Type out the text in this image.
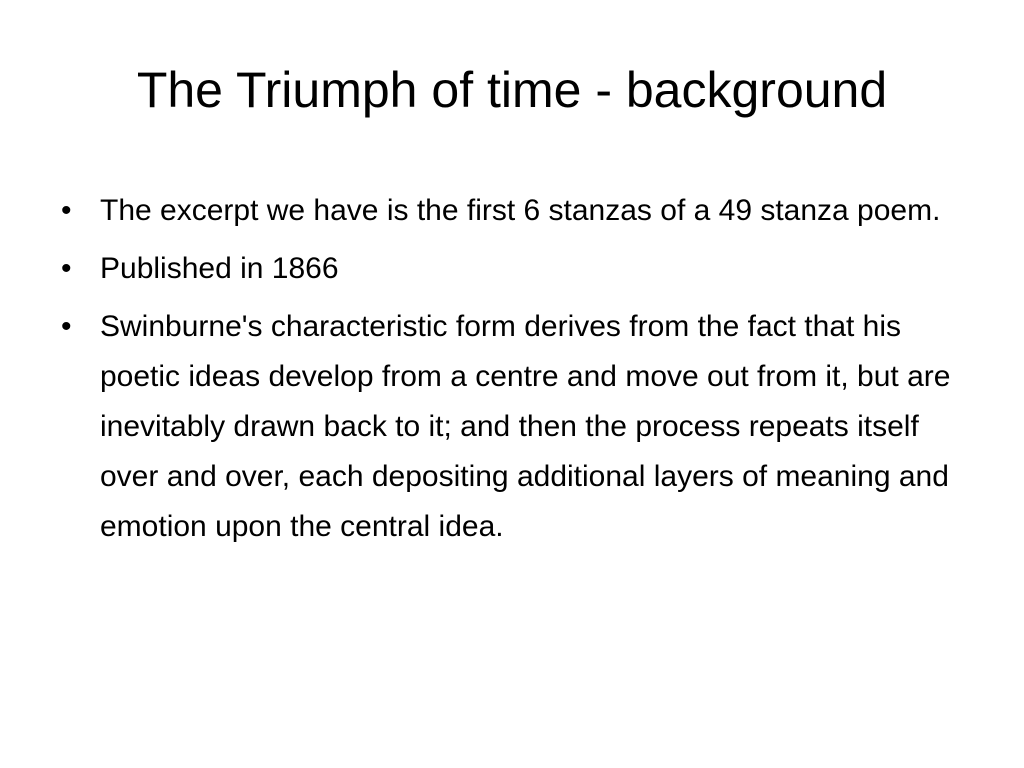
The Triumph of time - background
• The excerpt we have is the first 6 stanzas of a 49 stanza poem.
• Published in 1866
• Swinburne's characteristic form derives from the fact that his poetic ideas develop from a centre and move out from it, but are inevitably drawn back to it; and then the process repeats itself over and over, each depositing additional layers of meaning and emotion upon the central idea.
